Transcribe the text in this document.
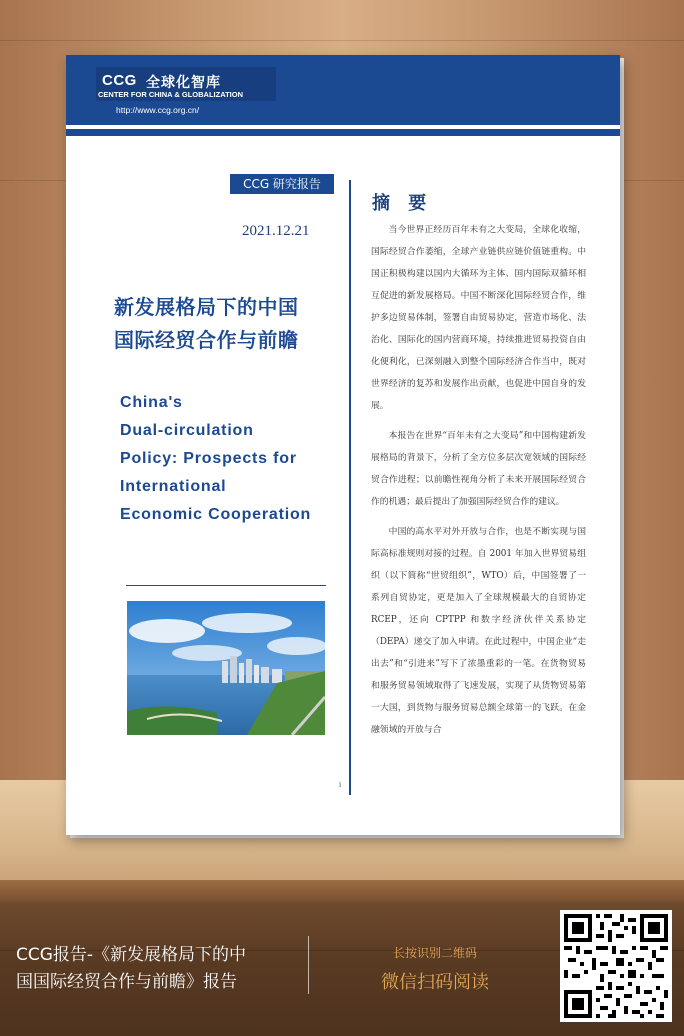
CCG 全球化智库
CENTER FOR CHINA & GLOBALIZATION
http://www.ccg.org.cn/
CCG 研究报告
2021.12.21
新发展格局下的中国
国际经贸合作与前瞻
China's
Dual-circulation
Policy: Prospects for
International
Economic Cooperation
摘 要

当今世界正经历百年未有之大变局，全球化收缩，国际经贸合作萎缩，全球产业链供应链价值链重构。中国正积极构建以国内大循环为主体、国内国际双循环相互促进的新发展格局。中国不断深化国际经贸合作，维护多边贸易体制，签署自由贸易协定，营造市场化、法治化、国际化的国内营商环境，持续推进贸易投资自由化便利化，已深刻融入到整个国际经济合作当中，既对世界经济的复苏和发展作出贡献，也促进中国自身的发展。

本报告在世界“百年未有之大变局”和中国构建新发展格局的背景下，分析了全方位多层次宽领域的国际经贸合作进程；以前瞻性视角分析了未来开展国际经贸合作的机遇；最后提出了加强国际经贸合作的建议。

中国的高水平对外开放与合作，也是不断实现与国际高标准规则对接的过程。自 2001 年加入世界贸易组织（以下简称“世贸组织”，WTO）后，中国签署了一系列自贸协定，更是加入了全球规模最大的自贸协定 RCEP，还向 CPTPP 和数字经济伙伴关系协定（DEPA）递交了加入申请。在此过程中，中国企业“走出去”和“引进来”写下了浓墨重彩的一笔。在货物贸易和服务贸易领域取得了飞速发展，实现了从货物贸易第一大国，到货物与服务贸易总额全球第一的飞跃。在金融领域的开放与合

i
CCG报告-《新发展格局下的中
国国际经贸合作与前瞻》报告
长按识别二维码
微信扫码阅读
